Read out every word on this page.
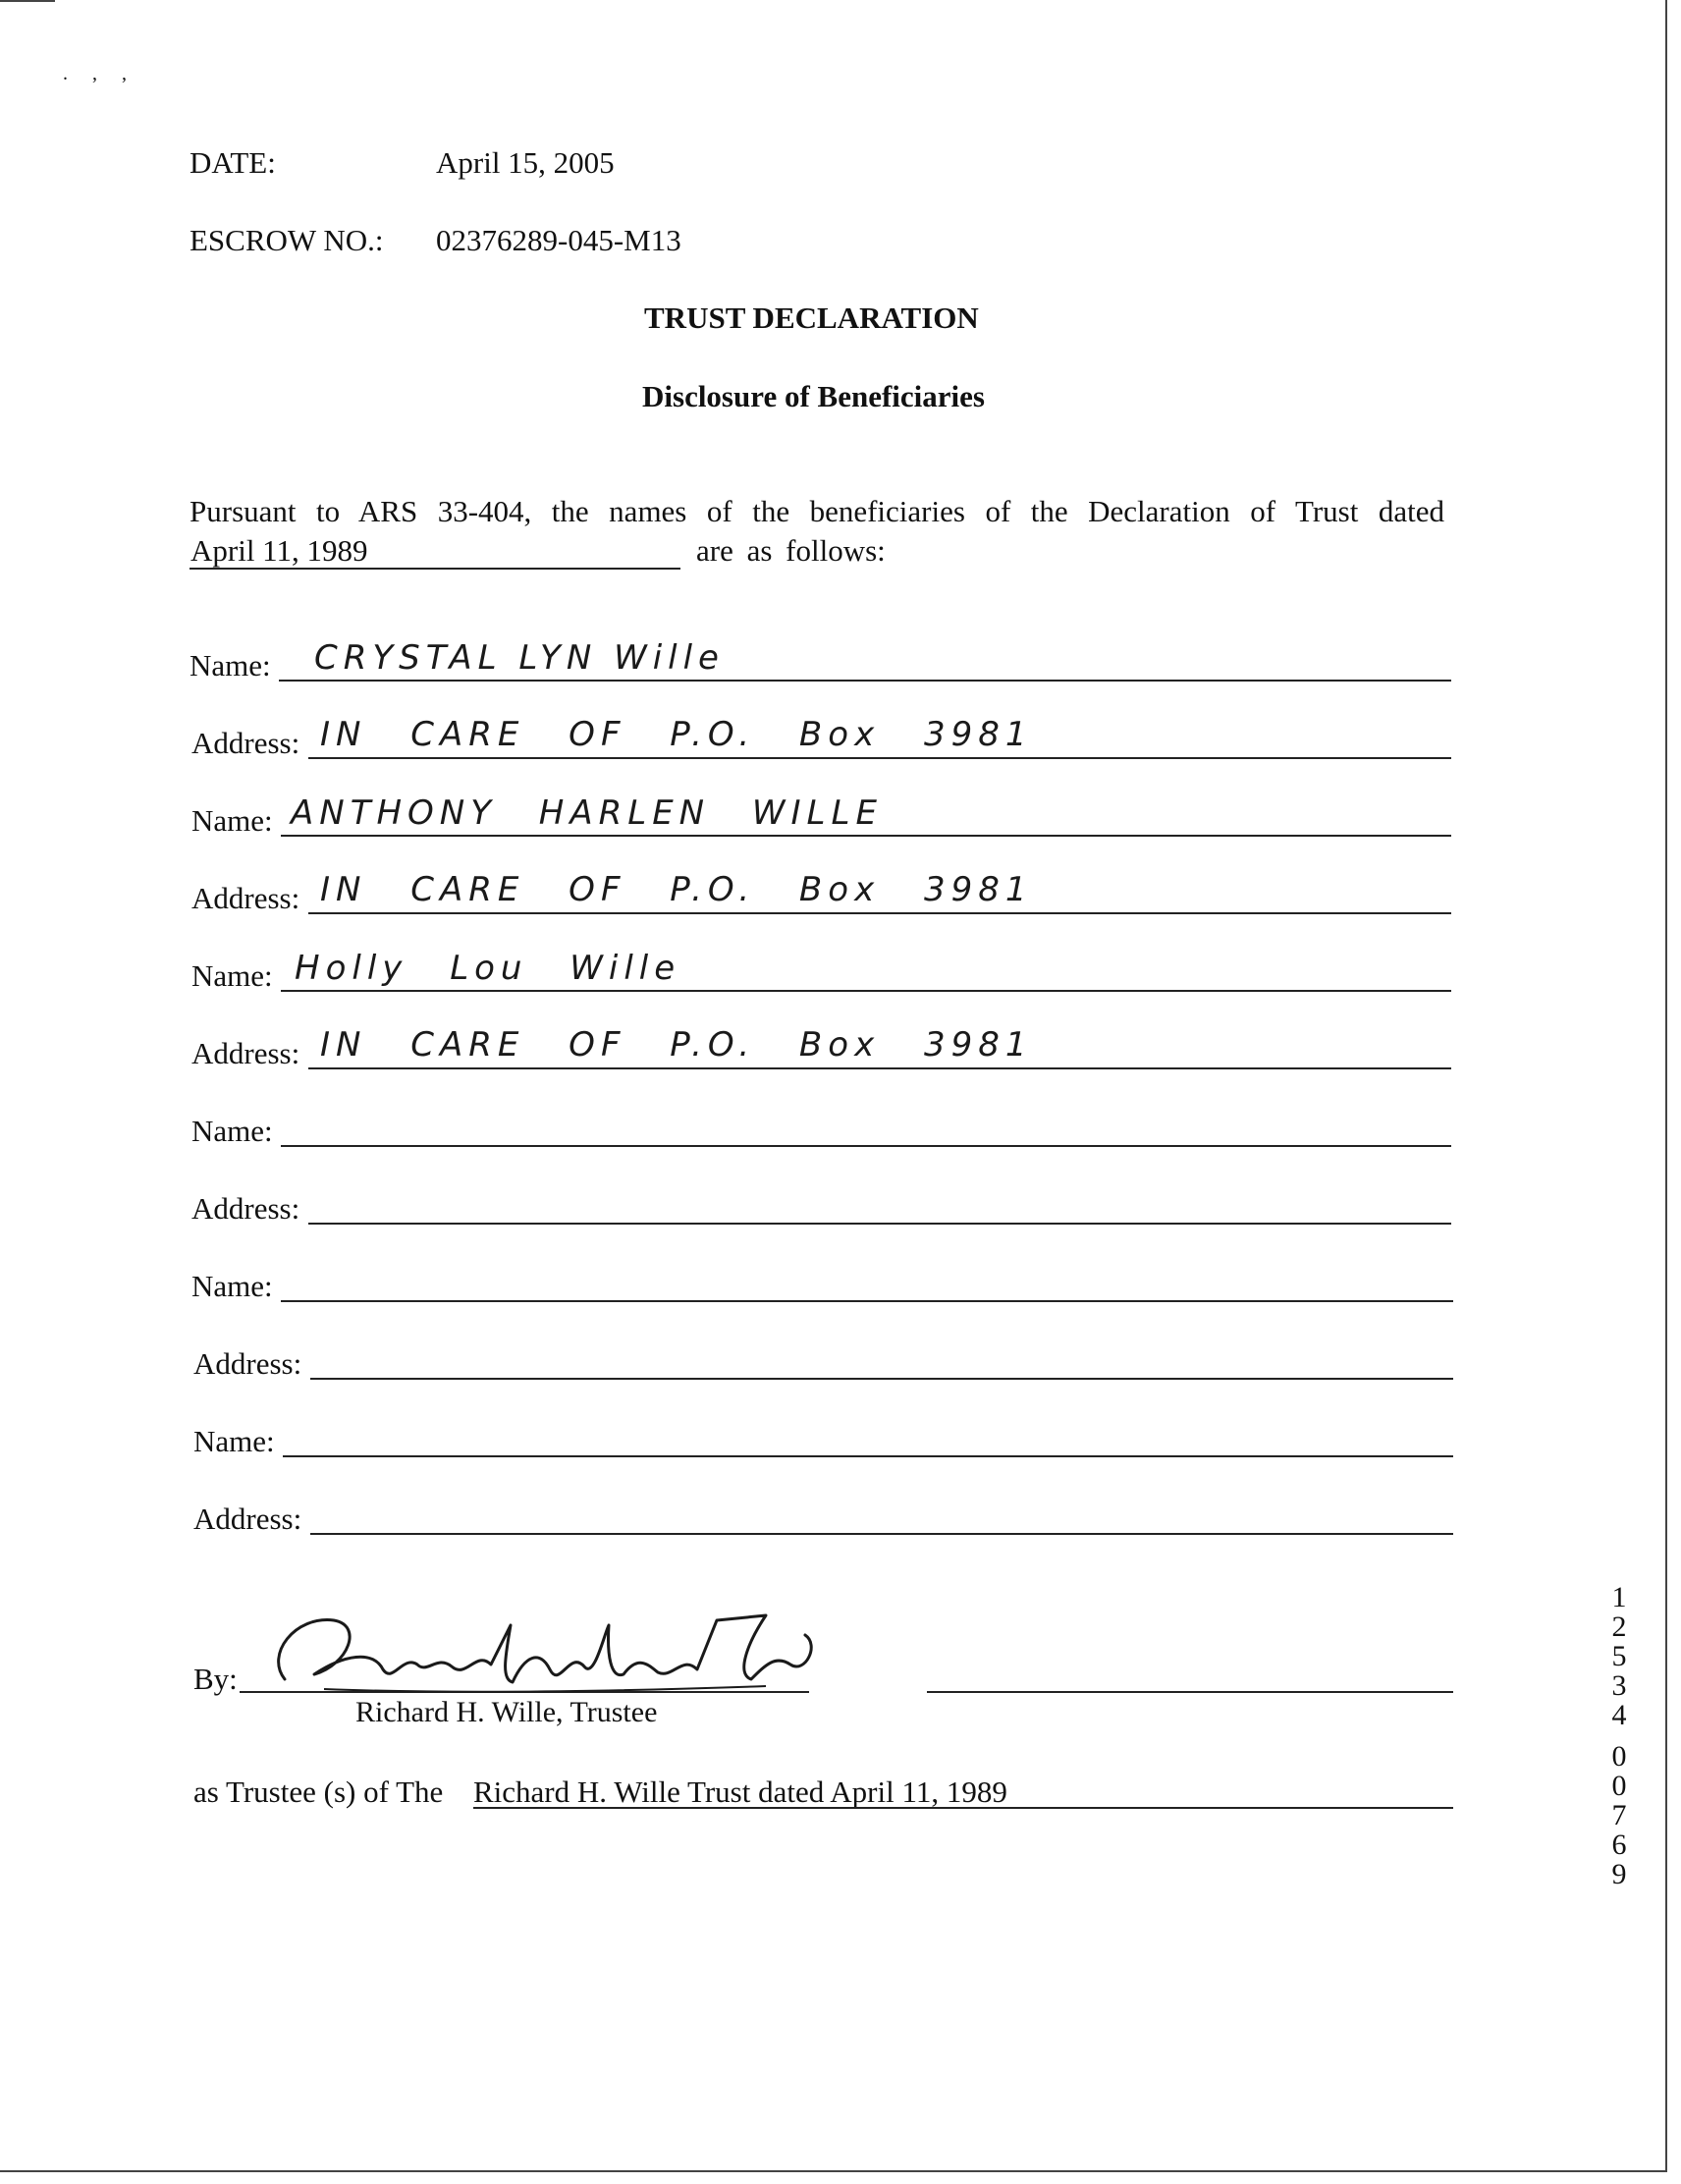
. , ,
DATE:	April 15, 2005
ESCROW NO.: 02376289-045-M13
TRUST DECLARATION
Disclosure of Beneficiaries
Pursuant to ARS 33-404, the names of the beneficiaries of the Declaration of Trust dated
April 11, 1989	are as follows:
Name: CRYSTAL LYN Wille
Address: IN CARE OF P.O. Box 3981
Name: ANTHONY HARLEN WILLE
Address: IN CARE OF P.O. Box 3981
Name: Holly Lou Wille
Address: IN CARE OF P.O. Box 3981
Name:
Address:
Name:
Address:
Name:
Address:
By:
Richard H. Wille, Trustee
as Trustee (s) of The Richard H. Wille Trust dated April 11, 1989
1
2
5
3
4
0
0
7
6
9
